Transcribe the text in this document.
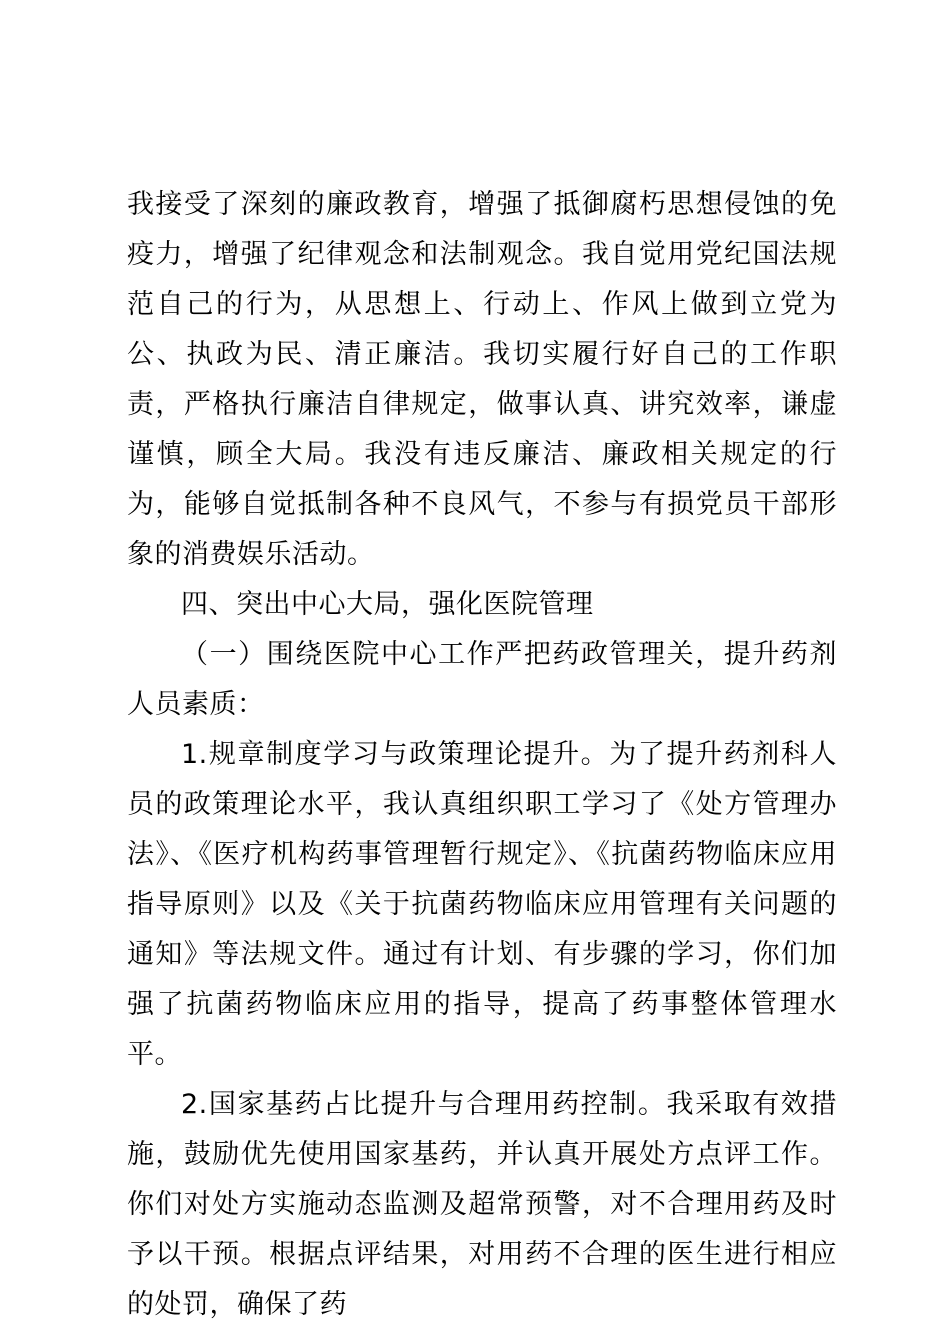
我接受了深刻的廉政教育，增强了抵御腐朽思想侵蚀的免疫力，增强了纪律观念和法制观念。我自觉用党纪国法规范自己的行为，从思想上、行动上、作风上做到立党为公、执政为民、清正廉洁。我切实履行好自己的工作职责，严格执行廉洁自律规定，做事认真、讲究效率，谦虚谨慎，顾全大局。我没有违反廉洁、廉政相关规定的行为，能够自觉抵制各种不良风气，不参与有损党员干部形象的消费娱乐活动。

四、突出中心大局，强化医院管理

（一）围绕医院中心工作严把药政管理关，提升药剂人员素质：

1.规章制度学习与政策理论提升。为了提升药剂科人员的政策理论水平，我认真组织职工学习了《处方管理办法》、《医疗机构药事管理暂行规定》、《抗菌药物临床应用指导原则》以及《关于抗菌药物临床应用管理有关问题的通知》等法规文件。通过有计划、有步骤的学习，你们加强了抗菌药物临床应用的指导，提高了药事整体管理水平。

2.国家基药占比提升与合理用药控制。我采取有效措施，鼓励优先使用国家基药，并认真开展处方点评工作。你们对处方实施动态监测及超常预警，对不合理用药及时予以干预。根据点评结果，对用药不合理的医生进行相应的处罚，确保了药
